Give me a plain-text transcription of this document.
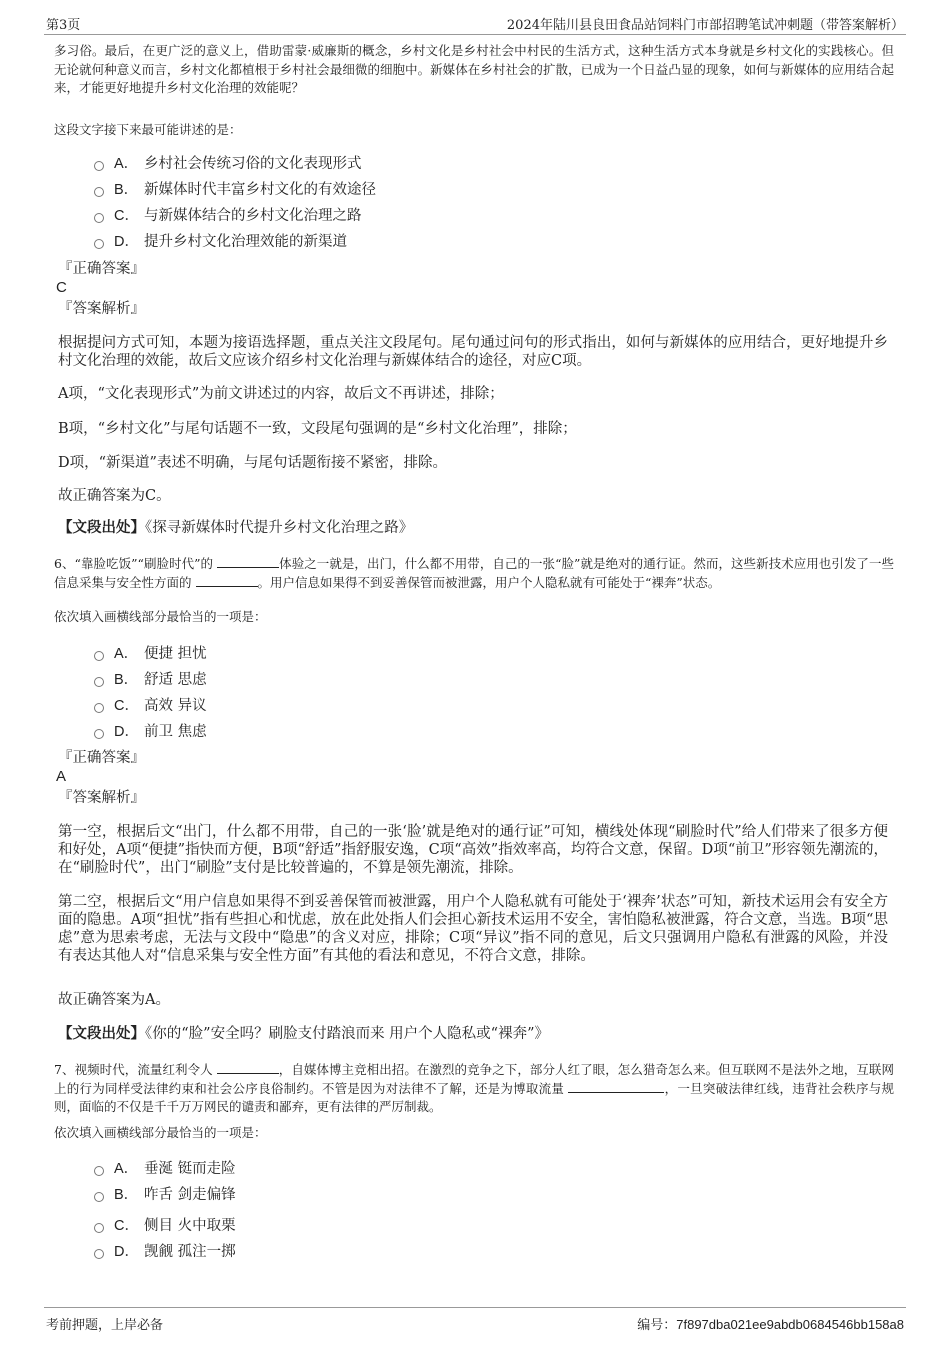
第3页	2024年陆川县良田食品站饲料门市部招聘笔试冲刺题（带答案解析）

多习俗。最后，在更广泛的意义上，借助雷蒙·威廉斯的概念，乡村文化是乡村社会中村民的生活方式，这种生活方式本身就是乡村文化的实践核心。但无论就何种意义而言，乡村文化都植根于乡村社会最细微的细胞中。新媒体在乡村社会的扩散，已成为一个日益凸显的现象，如何与新媒体的应用结合起来，才能更好地提升乡村文化治理的效能呢？

这段文字接下来最可能讲述的是：

A． 乡村社会传统习俗的文化表现形式
B． 新媒体时代丰富乡村文化的有效途径
C． 与新媒体结合的乡村文化治理之路
D． 提升乡村文化治理效能的新渠道

『正确答案』

C

『答案解析』

根据提问方式可知，本题为接语选择题，重点关注文段尾句。尾句通过问句的形式指出，如何与新媒体的应用结合，更好地提升乡村文化治理的效能，故后文应该介绍乡村文化治理与新媒体结合的途径，对应C项。

A项，“文化表现形式”为前文讲述过的内容，故后文不再讲述，排除；

B项，“乡村文化”与尾句话题不一致，文段尾句强调的是“乡村文化治理”，排除；

D项，“新渠道”表述不明确，与尾句话题衔接不紧密，排除。

故正确答案为C。

【文段出处】《探寻新媒体时代提升乡村文化治理之路》

6、“靠脸吃饭”“刷脸时代”的	体验之一就是，出门，什么都不用带，自己的一张“脸”就是绝对的通行证。然而，这些新技术应用也引发了一些信息采集与安全性方面的	。用户信息如果得不到妥善保管而被泄露，用户个人隐私就有可能处于“裸奔”状态。

依次填入画横线部分最恰当的一项是：

A． 便捷 担忧
B． 舒适 思虑
C． 高效 异议
D． 前卫 焦虑

『正确答案』

A

『答案解析』

第一空，根据后文“出门，什么都不用带，自己的一张‘脸’就是绝对的通行证”可知，横线处体现“刷脸时代”给人们带来了很多方便和好处，A项“便捷”指快而方便，B项“舒适”指舒服安逸，C项“高效”指效率高，均符合文意，保留。D项“前卫”形容领先潮流的，在“刷脸时代”，出门“刷脸”支付是比较普遍的，不算是领先潮流，排除。

第二空，根据后文“用户信息如果得不到妥善保管而被泄露，用户个人隐私就有可能处于‘裸奔’状态”可知，新技术运用会有安全方面的隐患。A项“担忧”指有些担心和忧虑，放在此处指人们会担心新技术运用不安全，害怕隐私被泄露，符合文意，当选。B项“思虑”意为思索考虑，无法与文段中“隐患”的含义对应，排除；C项“异议”指不同的意见，后文只强调用户隐私有泄露的风险，并没有表达其他人对“信息采集与安全性方面”有其他的看法和意见，不符合文意，排除。

故正确答案为A。

【文段出处】《你的“脸”安全吗？刷脸支付踏浪而来 用户个人隐私或“裸奔”》

7、视频时代，流量红利令人	，自媒体博主竞相出招。在激烈的竞争之下，部分人红了眼，怎么猎奇怎么来。但互联网不是法外之地，互联网上的行为同样受法律约束和社会公序良俗制约。不管是因为对法律不了解，还是为博取流量	，一旦突破法律红线，违背社会秩序与规则，面临的不仅是千千万万网民的谴责和鄙弃，更有法律的严厉制裁。

依次填入画横线部分最恰当的一项是：

A． 垂涎 铤而走险
B． 咋舌 剑走偏锋
C． 侧目 火中取栗
D． 觊觎 孤注一掷
考前押题，上岸必备	编号：7f897dba021ee9abdb0684546bb158a8
